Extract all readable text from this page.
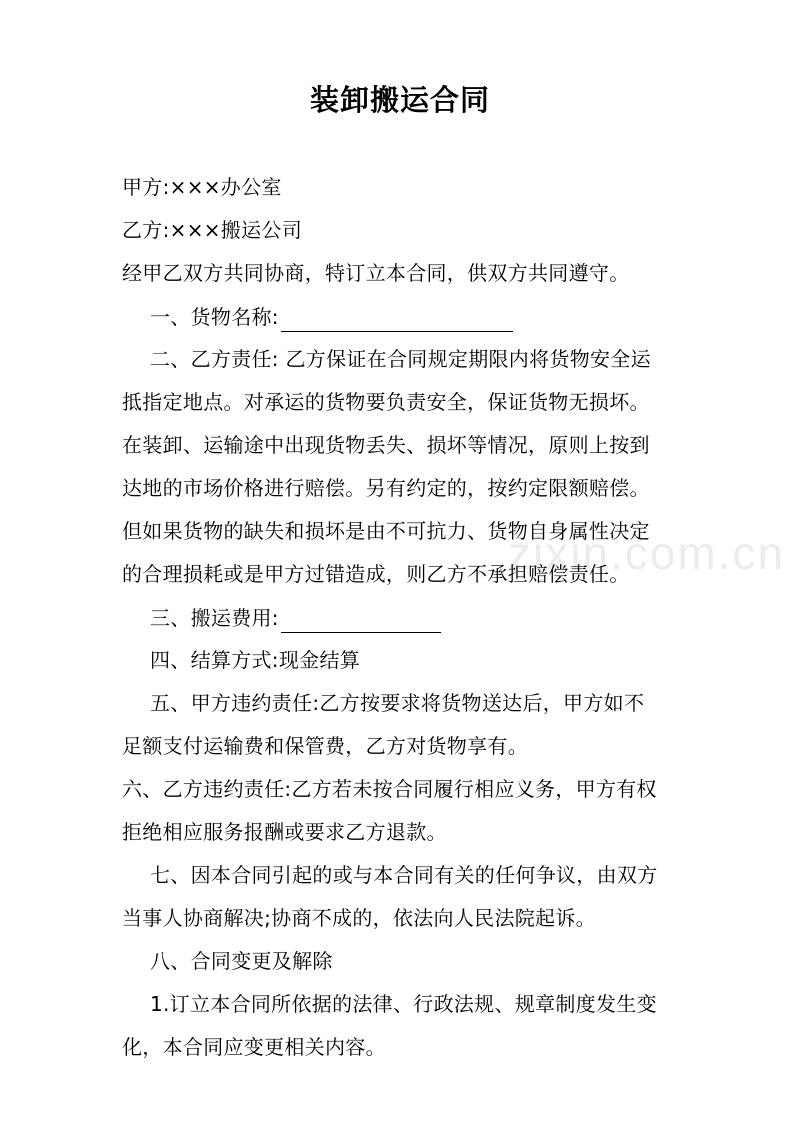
装卸搬运合同
甲方:×××办公室
乙方:×××搬运公司
经甲乙双方共同协商，特订立本合同，供双方共同遵守。
一、货物名称:
二、乙方责任: 乙方保证在合同规定期限内将货物安全运
抵指定地点。对承运的货物要负责安全，保证货物无损坏。
在装卸、运输途中出现货物丢失、损坏等情况，原则上按到
达地的市场价格进行赔偿。另有约定的，按约定限额赔偿。
但如果货物的缺失和损坏是由不可抗力、货物自身属性决定
的合理损耗或是甲方过错造成，则乙方不承担赔偿责任。
三、搬运费用:
四、结算方式:现金结算
五、甲方违约责任:乙方按要求将货物送达后，甲方如不
足额支付运输费和保管费，乙方对货物享有。
六、乙方违约责任:乙方若未按合同履行相应义务，甲方有权
拒绝相应服务报酬或要求乙方退款。
七、因本合同引起的或与本合同有关的任何争议，由双方
当事人协商解决;协商不成的，依法向人民法院起诉。
八、合同变更及解除
1.订立本合同所依据的法律、行政法规、规章制度发生变
化，本合同应变更相关内容。
zixin.com.cn
